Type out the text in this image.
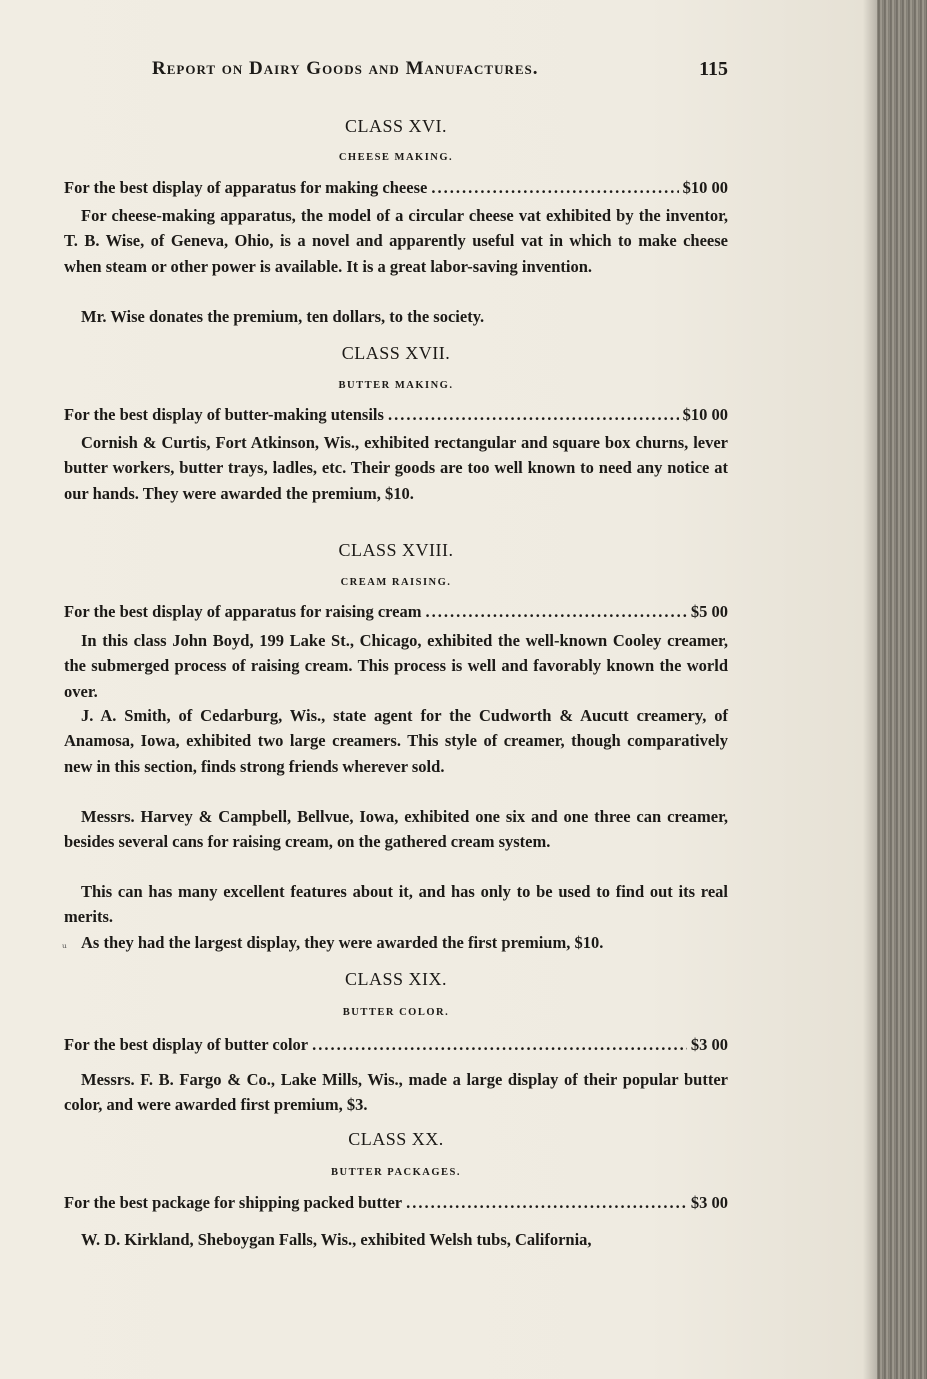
Report on Dairy Goods and Manufactures.	115
CLASS XVI.
CHEESE MAKING.
For the best display of apparatus for making cheese .....	$10 00

For cheese-making apparatus, the model of a circular cheese vat exhibited by the inventor, T. B. Wise, of Geneva, Ohio, is a novel and apparently useful vat in which to make cheese when steam or other power is available. It is a great labor-saving invention.

Mr. Wise donates the premium, ten dollars, to the society.

CLASS XVII.
BUTTER MAKING.
For the best display of butter-making utensils .....	$10 00

Cornish & Curtis, Fort Atkinson, Wis., exhibited rectangular and square box churns, lever butter workers, butter trays, ladles, etc. Their goods are too well known to need any notice at our hands. They were awarded the premium, $10.

CLASS XVIII.
CREAM RAISING.
For the best display of apparatus for raising cream .....	$5 00

In this class John Boyd, 199 Lake St., Chicago, exhibited the well-known Cooley creamer, the submerged process of raising cream. This process is well and favorably known the world over.

J. A. Smith, of Cedarburg, Wis., state agent for the Cudworth & Aucutt creamery, of Anamosa, Iowa, exhibited two large creamers. This style of creamer, though comparatively new in this section, finds strong friends wherever sold.

Messrs. Harvey & Campbell, Bellvue, Iowa, exhibited one six and one three can creamer, besides several cans for raising cream, on the gathered cream system.

This can has many excellent features about it, and has only to be used to find out its real merits.

ᵤ As they had the largest display, they were awarded the first premium, $10.

CLASS XIX.
BUTTER COLOR.
For the best display of butter color .....	$3 00

Messrs. F. B. Fargo & Co., Lake Mills, Wis., made a large display of their popular butter color, and were awarded first premium, $3.

CLASS XX.
BUTTER PACKAGES.
For the best package for shipping packed butter .....	$3 00

W. D. Kirkland, Sheboygan Falls, Wis., exhibited Welsh tubs, California,
